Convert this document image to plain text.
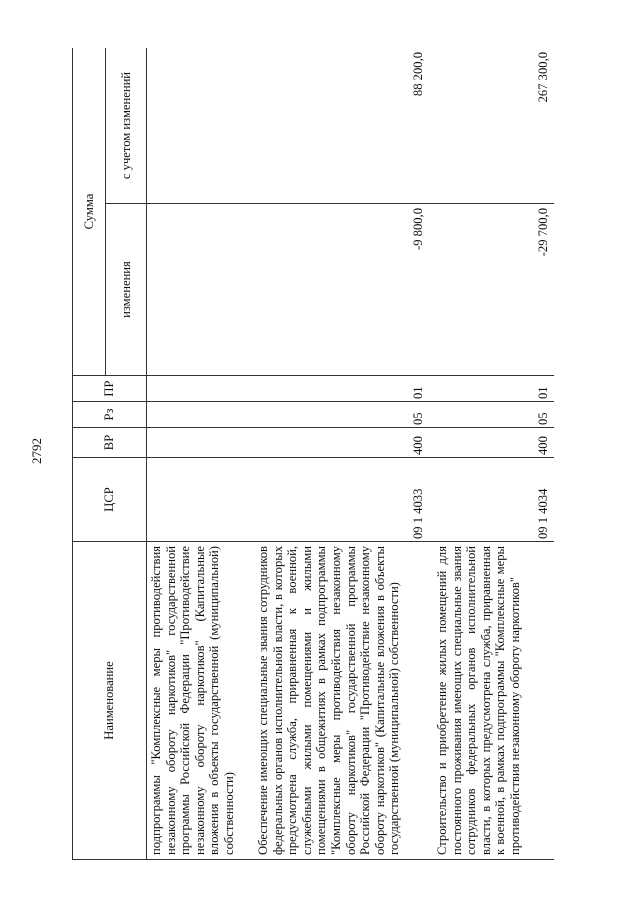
2792
Наименование	ЦСР	ВР	Рз	ПР	Сумма	
					изменения	с учетом изменений
подпрограммы "Комплексные меры противодействия незаконному обороту наркотиков" государственной программы Российской Федерации "Противодействие незаконному обороту наркотиков" (Капитальные вложения в объекты государственной (муниципальной) собственности)						
Обеспечение имеющих специальные звания сотрудников федеральных органов исполнительной власти, в которых предусмотрена служба, приравненная к военной, служебными жилыми помещениями и жилыми помещениями в общежитиях в рамках подпрограммы "Комплексные меры противодействия незаконному обороту наркотиков" государственной программы Российской Федерации "Противодействие незаконному обороту наркотиков" (Капитальные вложения в объекты государственной (муниципальной) собственности)	09 1 4033	400	05	01	-9 800,0	88 200,0
Строительство и приобретение жилых помещений для постоянного проживания имеющих специальные звания сотрудников федеральных органов исполнительной власти, в которых предусмотрена служба, приравненная к военной, в рамках подпрограммы "Комплексные меры противодействия незаконному обороту наркотиков"	09 1 4034	400	05	01	-29 700,0	267 300,0
